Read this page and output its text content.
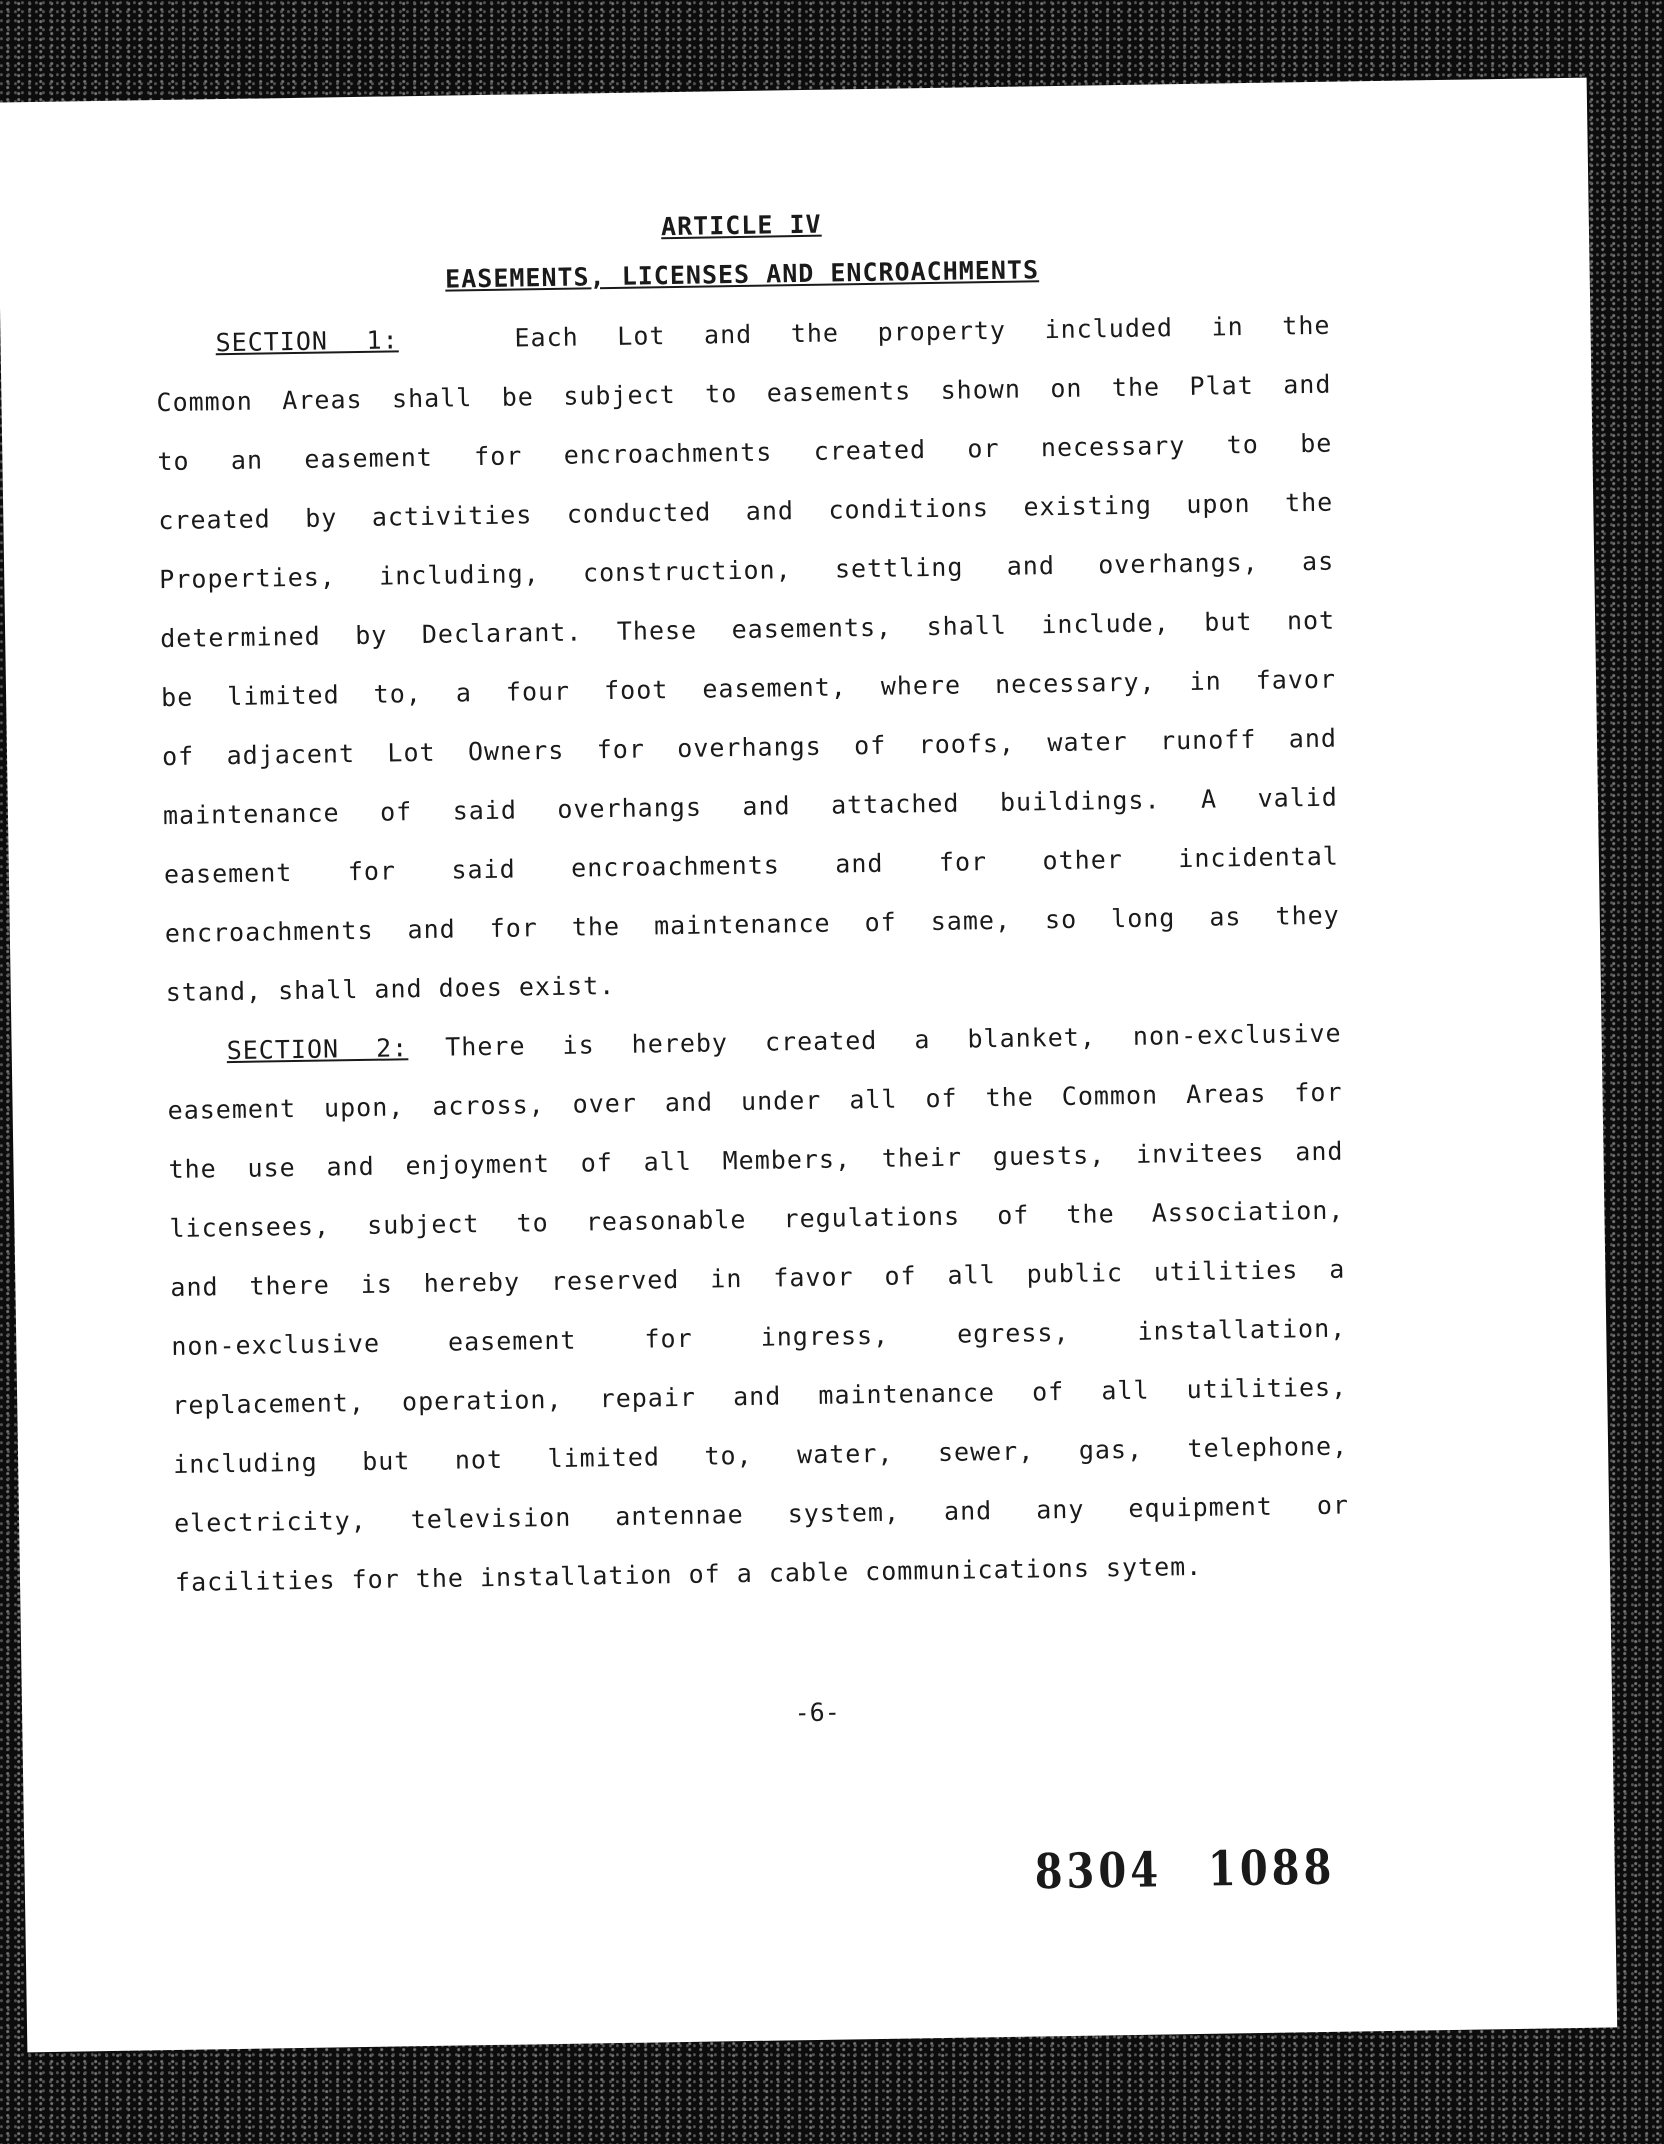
ARTICLE IV

EASEMENTS, LICENSES AND ENCROACHMENTS

SECTION 1:	Each Lot and the property included in the
Common Areas shall be subject to easements shown on the Plat and
to an easement for encroachments created or necessary to be
created by activities conducted and conditions existing upon the
Properties, including, construction, settling and overhangs, as
determined by Declarant. These easements, shall include, but not
be limited to, a four foot easement, where necessary, in favor
of adjacent Lot Owners for overhangs of roofs, water runoff and
maintenance of said overhangs and attached buildings. A valid
easement for said encroachments and for other incidental
encroachments and for the maintenance of same, so long as they
stand, shall and does exist.
SECTION 2: There is hereby created a blanket, non-exclusive
easement upon, across, over and under all of the Common Areas for
the use and enjoyment of all Members, their guests, invitees and
licensees, subject to reasonable regulations of the Association,
and there is hereby reserved in favor of all public utilities a
non-exclusive easement for ingress, egress, installation,
replacement, operation, repair and maintenance of all utilities,
including but not limited to, water, sewer, gas, telephone,
electricity, television antennae system, and any equipment or
facilities for the installation of a cable communications sytem.
-6-
8304 1088
